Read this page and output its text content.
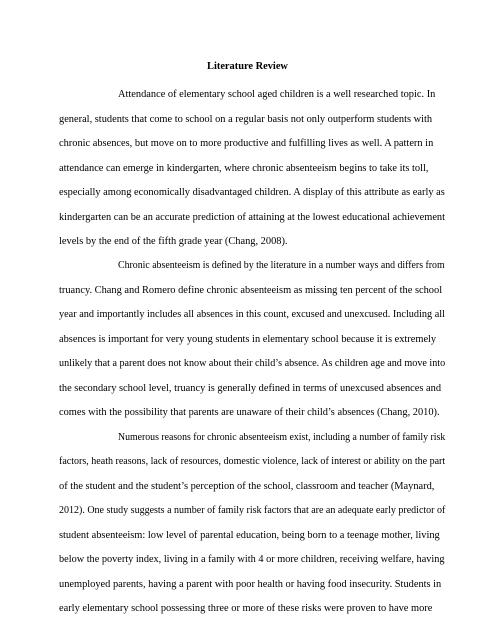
Literature Review
Attendance of elementary school aged children is a well researched topic. In
general, students that come to school on a regular basis not only outperform students with
chronic absences, but move on to more productive and fulfilling lives as well. A pattern in
attendance can emerge in kindergarten, where chronic absenteeism begins to take its toll,
especially among economically disadvantaged children. A display of this attribute as early as
kindergarten can be an accurate prediction of attaining at the lowest educational achievement
levels by the end of the fifth grade year (Chang, 2008).
Chronic absenteeism is defined by the literature in a number ways and differs from
truancy. Chang and Romero define chronic absenteeism as missing ten percent of the school
year and importantly includes all absences in this count, excused and unexcused. Including all
absences is important for very young students in elementary school because it is extremely
unlikely that a parent does not know about their child’s absence. As children age and move into
the secondary school level, truancy is generally defined in terms of unexcused absences and
comes with the possibility that parents are unaware of their child’s absences (Chang, 2010).
Numerous reasons for chronic absenteeism exist, including a number of family risk
factors, heath reasons, lack of resources, domestic violence, lack of interest or ability on the part
of the student and the student’s perception of the school, classroom and teacher (Maynard,
2012). One study suggests a number of family risk factors that are an adequate early predictor of
student absenteeism: low level of parental education, being born to a teenage mother, living
below the poverty index, living in a family with 4 or more children, receiving welfare, having
unemployed parents, having a parent with poor health or having food insecurity. Students in
early elementary school possessing three or more of these risks were proven to have more
